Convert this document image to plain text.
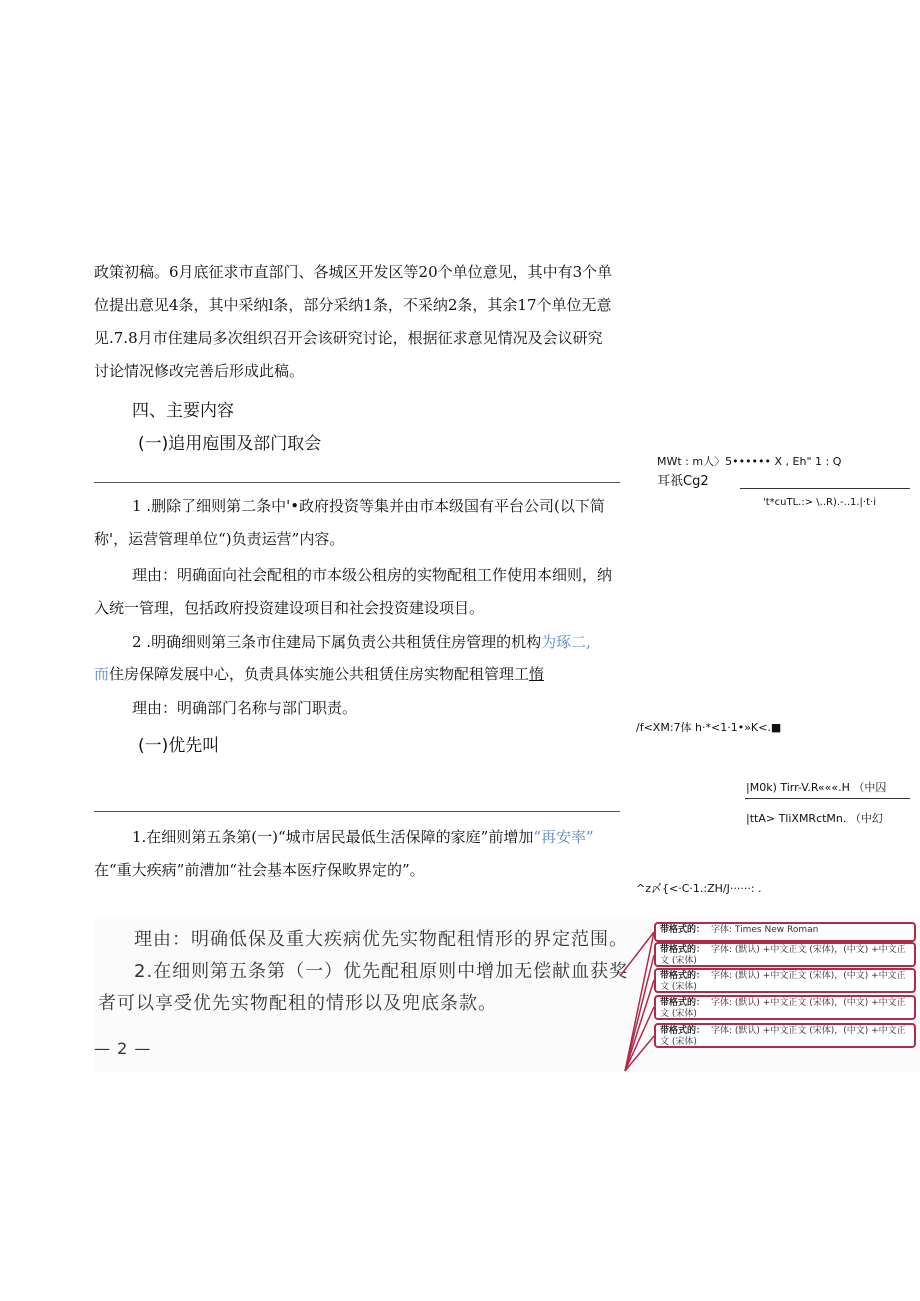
政策初稿。6月底征求市直部门、各城区开发区等20个单位意见，其中有3个单
位提出意见4条，其中采纳l条，部分采纳1条，不采纳2条，其余17个单位无意
见.7.8月市住建局多次组织召开会该研究讨论，根据征求意见情况及会议研究
讨论情况修改完善后形成此稿。
四、主要内容
(一)追用庖围及部门取会
1 .删除了细则第二条中'•政府投资等集并由市本级国有平台公司(以下简
称'，运营管理单位“)负责运营”内容。
理由：明确面向社会配租的市本级公租房的实物配租工作使用本细则，纳
入统一管理，包括政府投资建设项目和社会投资建设项目。
2 .明确细则第三条市住建局下属负责公共租赁住房管理的机构为琢二,
而住房保障发展中心，负责具体实施公共租赁住房实物配租管理工惰
理由：明确部门名称与部门职责。
(一)优先叫
1.在细则第五条第(一)“城市居民最低生活保障的家庭”前增加“再安率”
在“重大疾病”前漕加“社会基本医疗保畋界定的”。
MWt : m人〉5•••••• X , Eh" 1 : Q
耳祇Cg2
't*cuTL.:> \..R).-..1.|·t·i
/f<XM:7体 h·*<1·1•»K<.■
|M0k) Tirr-V.R«««.H （中囚
|ttA> TliXMRctMn. （中幻
^z〆{<·C·1.:ZH/J······: .
理由：明确低保及重大疾病优先实物配租情形的界定范围。
2.在细则第五条第（一）优先配租原则中增加无偿献血获奖
者可以享受优先实物配租的情形以及兜底条款。
— 2 —
带格式的： 字体: Times New Roman
带格式的： 字体: (默认) +中文正文 (宋体)，(中文) +中文正文 (宋体)
带格式的： 字体: (默认) +中文正文 (宋体)，(中文) +中文正文 (宋体)
带格式的： 字体: (默认) +中文正文 (宋体)，(中文) +中文正文 (宋体)
带格式的： 字体: (默认) +中文正文 (宋体)，(中文) +中文正文 (宋体)
